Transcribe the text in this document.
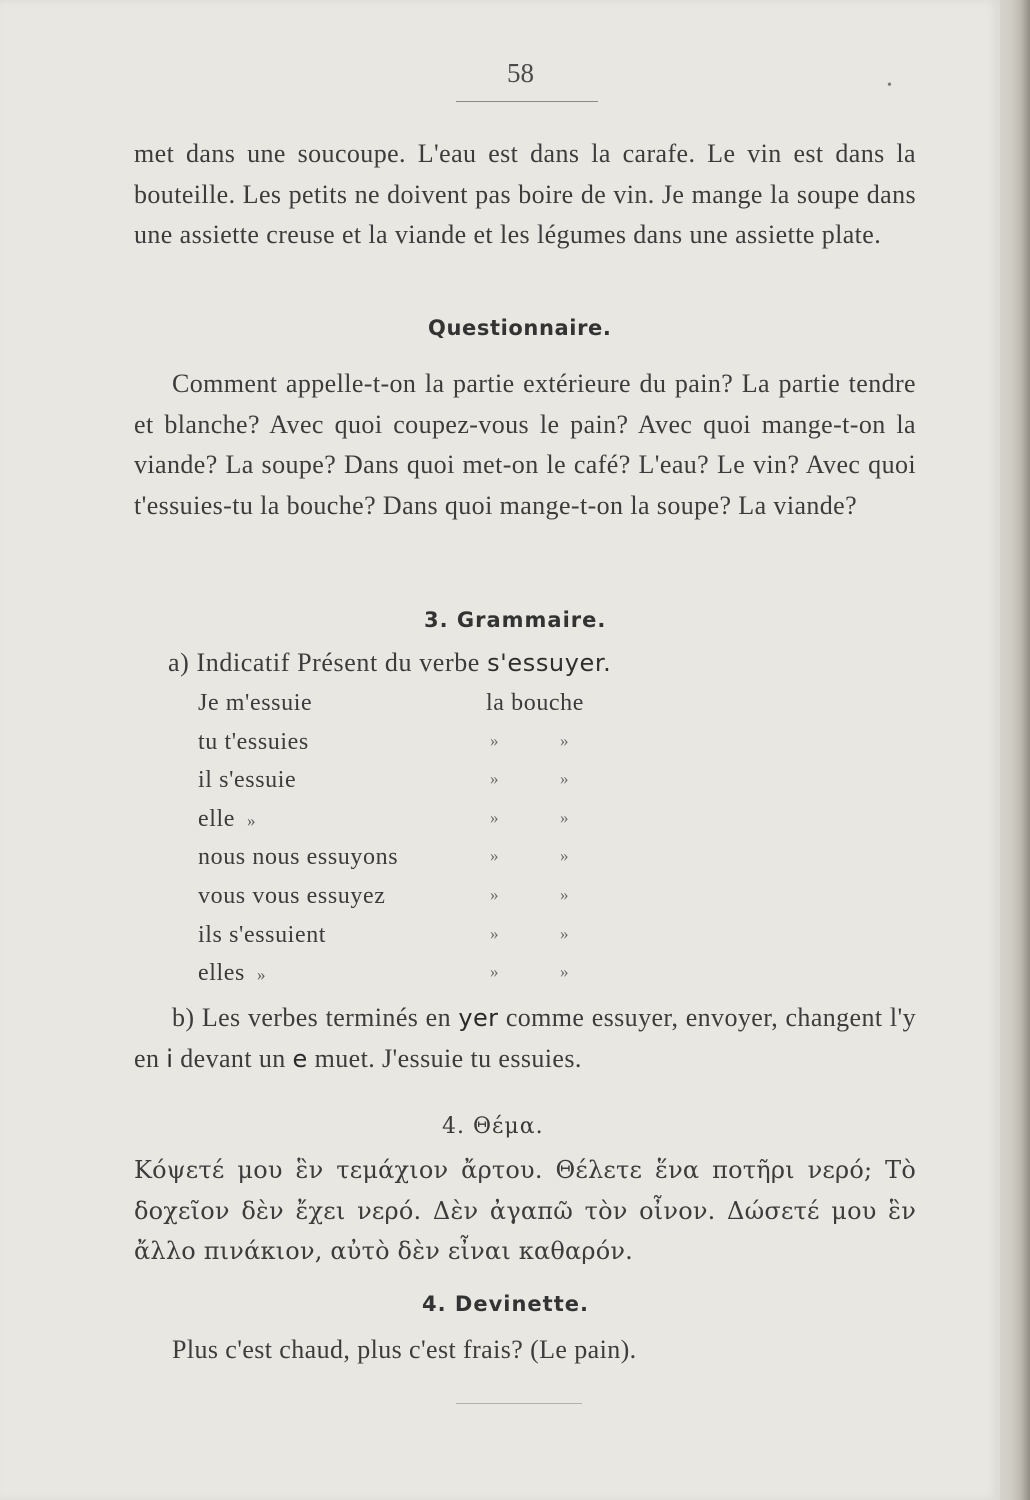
58	•

met dans une soucoupe. L'eau est dans la carafe. Le vin est dans la bouteille. Les petits ne doivent pas boire de vin. Je mange la soupe dans une assiette creuse et la viande et les légumes dans une assiette plate.

Questionnaire.

Comment appelle-t-on la partie extérieure du pain? La partie tendre et blanche? Avec quoi coupez-vous le pain? Avec quoi mange-t-on la viande? La soupe? Dans quoi met-on le café? L'eau? Le vin? Avec quoi t'essuies-tu la bouche? Dans quoi mange-t-on la soupe? La viande?

3. Grammaire.
a) Indicatif Présent du verbe s'essuyer.
Je m'essuie	la bouche
tu t'essuies	»	»
il s'essuie	»	»
elle »	»	»
nous nous essuyons	»	»
vous vous essuyez	»	»
ils s'essuient	»	»
elles »	»	»

b) Les verbes terminés en yer comme essuyer, envoyer, changent l'y en i devant un e muet. J'essuie tu essuies.

4. Θέμα.

Κόψετέ μου ἓν τεμάχιον ἄρτου. Θέλετε ἕνα ποτῆρι νερό; Τὸ δοχεῖον δὲν ἔχει νερό. Δὲν ἀγαπῶ τὸν οἶνον. Δώσετέ μου ἓν ἄλλο πινάκιον, αὐτὸ δὲν εἶναι καθαρόν.

4. Devinette.

Plus c'est chaud, plus c'est frais? (Le pain).
